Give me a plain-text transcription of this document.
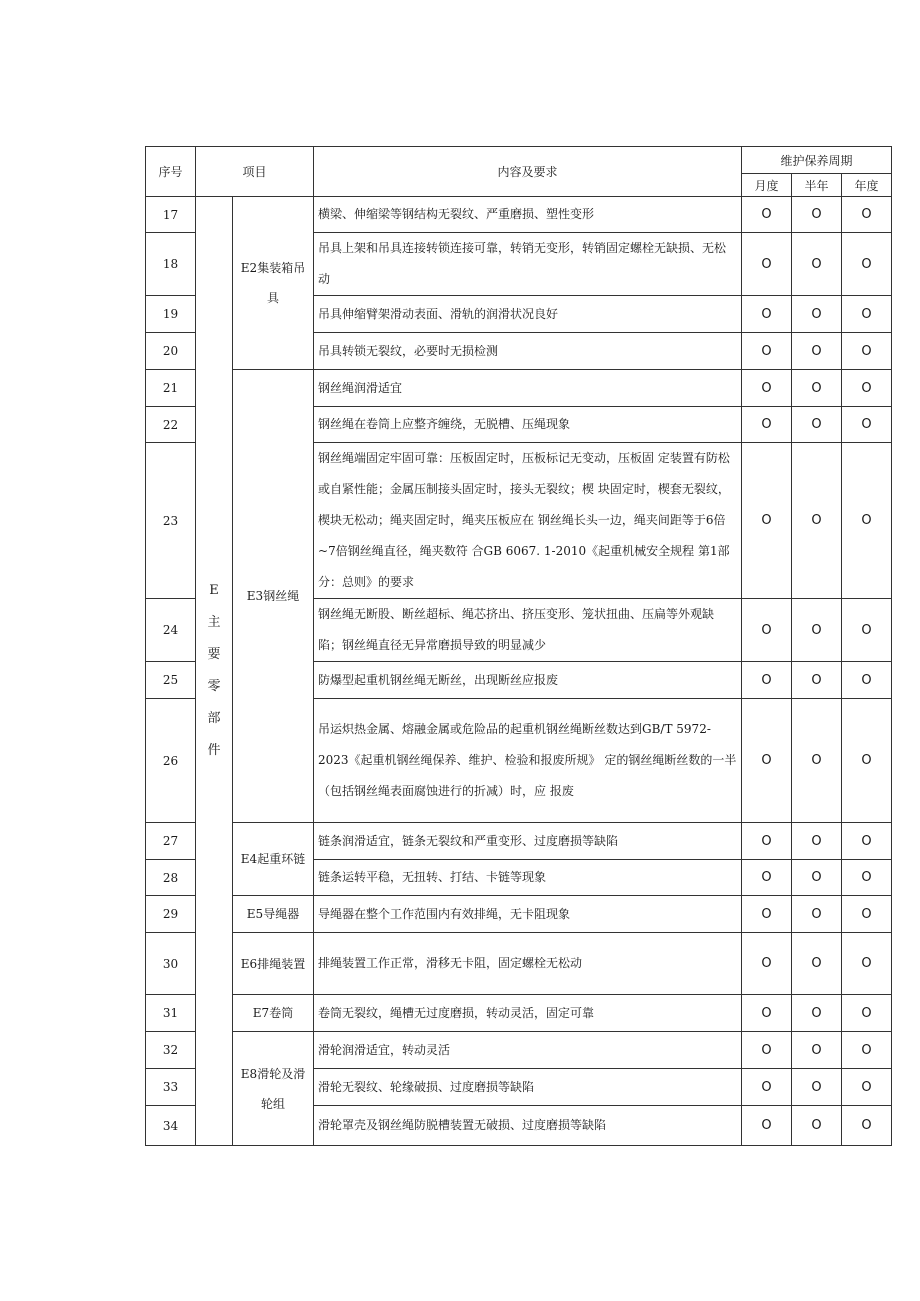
序号	项目		内容及要求	维护保养周期		
				月度	半年	年度
17	E主要零部件	E2集装箱吊具	横梁、伸缩梁等钢结构无裂纹、严重磨损、塑性变形	O	O	O
18			吊具上架和吊具连接转锁连接可靠，转销无变形，转销固定螺栓无缺损、无松动	O	O	O
19			吊具伸缩臂架滑动表面、滑轨的润滑状况良好	O	O	O
20			吊具转锁无裂纹，必要时无损检测	O	O	O
21		E3钢丝绳	钢丝绳润滑适宜	O	O	O
22			钢丝绳在卷筒上应整齐缠绕，无脱槽、压绳现象	O	O	O
23			钢丝绳端固定牢固可靠：压板固定时，压板标记无变动，压板固 定装置有防松或自紧性能；金属压制接头固定时，接头无裂纹；楔 块固定时，楔套无裂纹，楔块无松动；绳夹固定时，绳夹压板应在 钢丝绳长头一边，绳夹间距等于6倍~7倍钢丝绳直径，绳夹数符 合GB 6067. 1-2010《起重机械安全规程 第1部分：总则》的要求	O	O	O
24			钢丝绳无断股、断丝超标、绳芯挤出、挤压变形、笼状扭曲、压扁等外观缺陷；钢丝绳直径无异常磨损导致的明显减少	O	O	O
25			防爆型起重机钢丝绳无断丝，出现断丝应报废	O	O	O
26			吊运炽热金属、熔融金属或危险品的起重机钢丝绳断丝数达到GB/T 5972-2023《起重机钢丝绳保养、维护、检验和报废所规》 定的钢丝绳断丝数的一半（包括钢丝绳表面腐蚀进行的折减）时，应 报废	O	O	O
27		E4起重环链	链条润滑适宜，链条无裂纹和严重变形、过度磨损等缺陷	O	O	O
28			链条运转平稳，无扭转、打结、卡链等现象	O	O	O
29		E5导绳器	导绳器在整个工作范围内有效排绳，无卡阻现象	O	O	O
30		E6排绳装置	排绳装置工作正常，滑移无卡阻，固定螺栓无松动	O	O	O
31		E7卷筒	卷筒无裂纹，绳槽无过度磨损，转动灵活，固定可靠	O	O	O
32		E8滑轮及滑轮组	滑轮润滑适宜，转动灵活	O	O	O
33			滑轮无裂纹、轮缘破损、过度磨损等缺陷	O	O	O
34			滑轮罩壳及钢丝绳防脱槽装置无破损、过度磨损等缺陷	O	O	O
